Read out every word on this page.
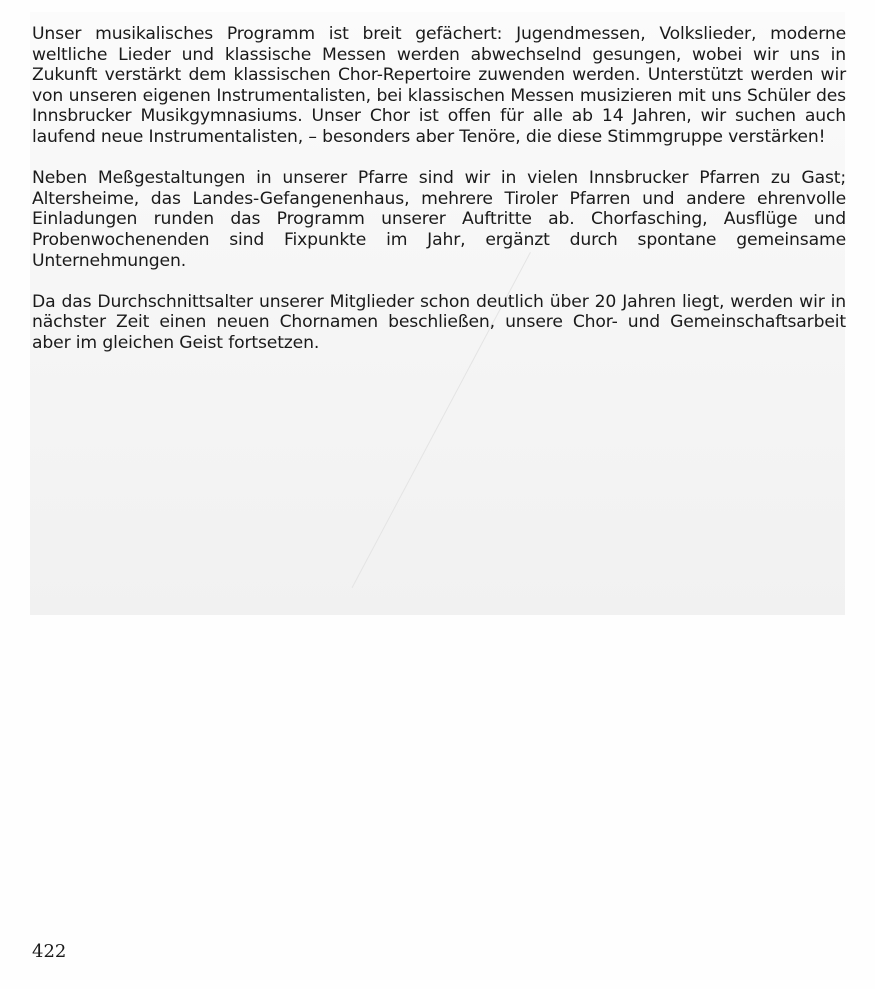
Unser musikalisches Programm ist breit gefächert: Jugendmessen, Volkslieder, moderne weltliche Lieder und klassische Messen werden abwechselnd gesungen, wobei wir uns in Zukunft verstärkt dem klassischen Chor-Repertoire zuwenden werden. Unterstützt werden wir von unseren eigenen Instrumentalisten, bei klassischen Messen musizieren mit uns Schüler des Innsbrucker Musikgymnasiums. Unser Chor ist offen für alle ab 14 Jahren, wir suchen auch laufend neue Instrumentalisten, – besonders aber Tenöre, die diese Stimmgruppe verstärken!

Neben Meßgestaltungen in unserer Pfarre sind wir in vielen Innsbrucker Pfarren zu Gast; Altersheime, das Landes-Gefangenenhaus, mehrere Tiroler Pfarren und andere ehrenvolle Einladungen runden das Programm unserer Auftritte ab. Chorfasching, Ausflüge und Probenwochenenden sind Fixpunkte im Jahr, ergänzt durch spontane gemeinsame Unternehmungen.

Da das Durchschnittsalter unserer Mitglieder schon deutlich über 20 Jahren liegt, werden wir in nächster Zeit einen neuen Chornamen beschließen, unsere Chor- und Gemeinschaftsarbeit aber im gleichen Geist fortsetzen.

422
